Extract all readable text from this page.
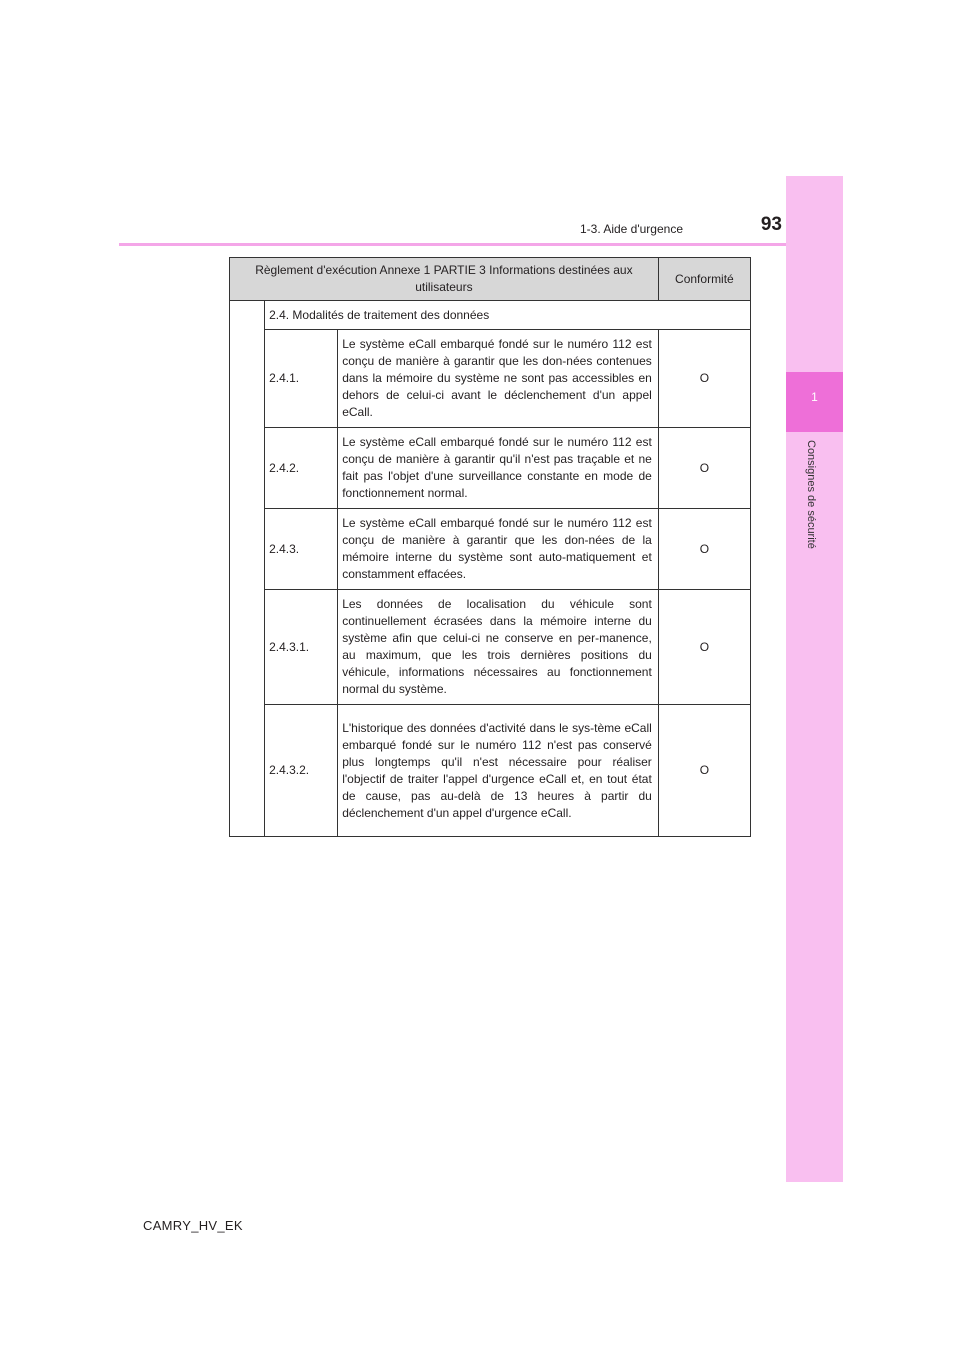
1
Consignes de sécurité
1-3. Aide d'urgence	93
Règlement d'exécution Annexe 1 PARTIE 3 Informations destinées aux utilisateurs			Conformité
	2.4. Modalités de traitement des données		
	2.4.1.	Le système eCall embarqué fondé sur le numéro 112 est conçu de manière à garantir que les don-nées contenues dans la mémoire du système ne sont pas accessibles en dehors de celui-ci avant le déclenchement d'un appel eCall.	O
	2.4.2.	Le système eCall embarqué fondé sur le numéro 112 est conçu de manière à garantir qu'il n'est pas traçable et ne fait pas l'objet d'une surveillance constante en mode de fonctionnement normal.	O
	2.4.3.	Le système eCall embarqué fondé sur le numéro 112 est conçu de manière à garantir que les don-nées de la mémoire interne du système sont auto-matiquement et constamment effacées.	O
	2.4.3.1.	Les données de localisation du véhicule sont continuellement écrasées dans la mémoire interne du système afin que celui-ci ne conserve en per-manence, au maximum, que les trois dernières positions du véhicule, informations nécessaires au fonctionnement normal du système.	O
	2.4.3.2.	L'historique des données d'activité dans le sys-tème eCall embarqué fondé sur le numéro 112 n'est pas conservé plus longtemps qu'il n'est nécessaire pour réaliser l'objectif de traiter l'appel d'urgence eCall et, en tout état de cause, pas au-delà de 13 heures à partir du déclenchement d'un appel d'urgence eCall.	O
CAMRY_HV_EK
